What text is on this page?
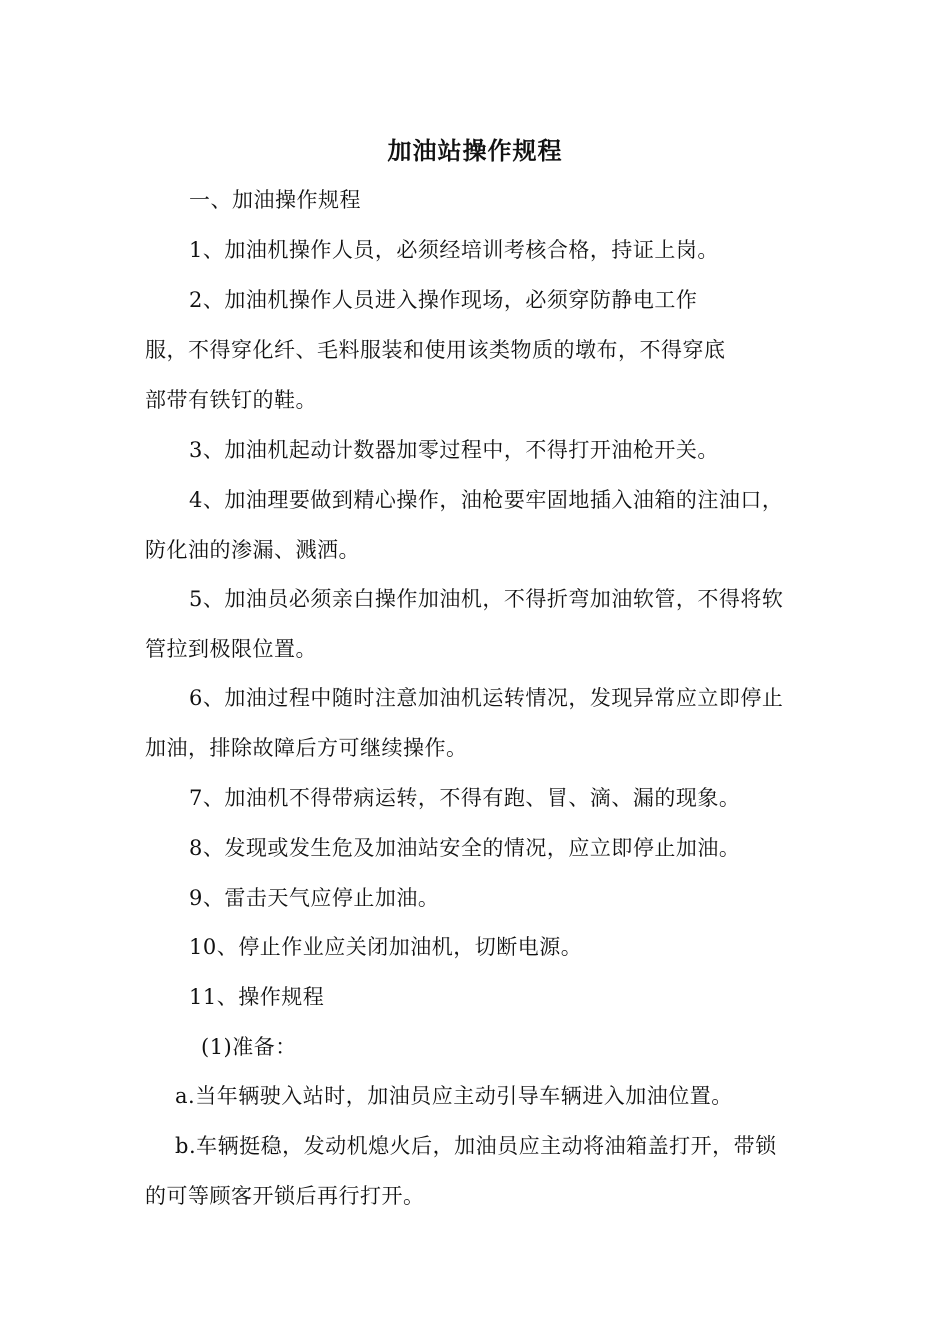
加油站操作规程
一、加油操作规程
1、加油机操作人员，必须经培训考核合格，持证上岗。
2、加油机操作人员进入操作现场，必须穿防静电工作
服，不得穿化纤、毛料服装和使用该类物质的墩布，不得穿底
部带有铁钉的鞋。
3、加油机起动计数器加零过程中，不得打开油枪开关。
4、加油理要做到精心操作，油枪要牢固地插入油箱的注油口，
防化油的渗漏、溅洒。
5、加油员必须亲白操作加油机，不得折弯加油软管，不得将软
管拉到极限位置。
6、加油过程中随时注意加油机运转情况，发现异常应立即停止
加油，排除故障后方可继续操作。
7、加油机不得带病运转，不得有跑、冒、滴、漏的现象。
8、发现或发生危及加油站安全的情况，应立即停止加油。
9、雷击天气应停止加油。
10、停止作业应关闭加油机，切断电源。
11、操作规程
(1)准备：
a.当年辆驶入站时，加油员应主动引导车辆进入加油位置。
b.车辆挺稳，发动机熄火后，加油员应主动将油箱盖打开，带锁
的可等顾客开锁后再行打开。
